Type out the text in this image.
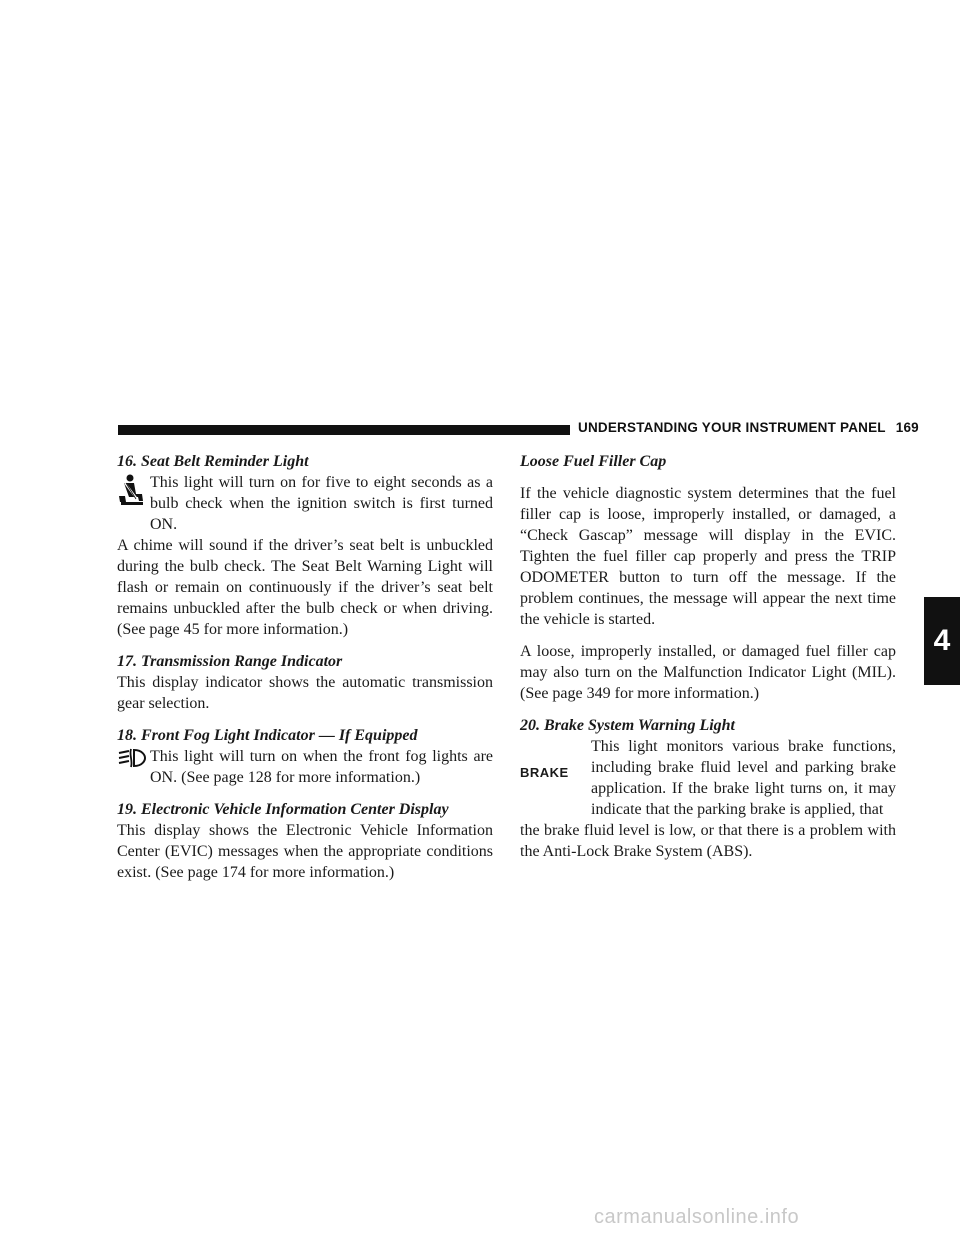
UNDERSTANDING YOUR INSTRUMENT PANEL 169
4

16. Seat Belt Reminder Light

This light will turn on for five to eight seconds as a bulb check when the ignition switch is first turned ON.

A chime will sound if the driver’s seat belt is unbuckled during the bulb check. The Seat Belt Warning Light will flash or remain on continuously if the driver’s seat belt remains unbuckled after the bulb check or when driving. (See page 45 for more information.)

17. Transmission Range Indicator

This display indicator shows the automatic transmission gear selection.

18. Front Fog Light Indicator — If Equipped

This light will turn on when the front fog lights are ON. (See page 128 for more information.)

19. Electronic Vehicle Information Center Display

This display shows the Electronic Vehicle Information Center (EVIC) messages when the appropriate conditions exist. (See page 174 for more information.)

Loose Fuel Filler Cap

If the vehicle diagnostic system determines that the fuel filler cap is loose, improperly installed, or damaged, a “Check Gascap” message will display in the EVIC. Tighten the fuel filler cap properly and press the TRIP ODOMETER button to turn off the message. If the problem continues, the message will appear the next time the vehicle is started.

A loose, improperly installed, or damaged fuel filler cap may also turn on the Malfunction Indicator Light (MIL). (See page 349 for more information.)

20. Brake System Warning Light

BRAKE

This light monitors various brake functions, including brake fluid level and parking brake application. If the brake light turns on, it may indicate that the parking brake is applied, that

the brake fluid level is low, or that there is a problem with the Anti-Lock Brake System (ABS).

carmanualsonline.info
